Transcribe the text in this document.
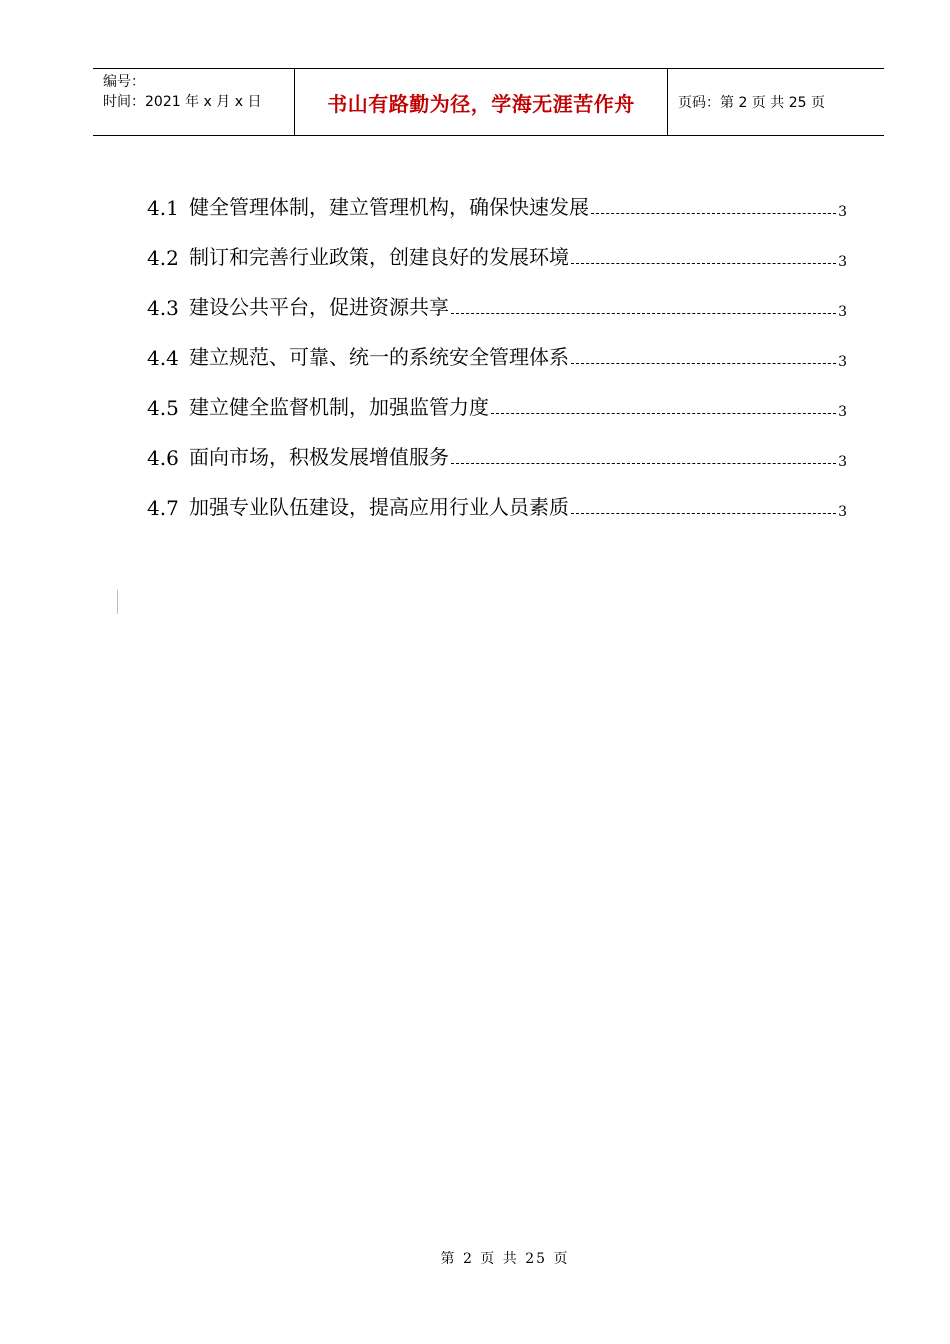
编号：
时间：2021 年 x 月 x 日	书山有路勤为径，学海无涯苦作舟	页码：第 2 页 共 25 页
4.1 健全管理体制，建立管理机构，确保快速发展	3
4.2 制订和完善行业政策，创建良好的发展环境	3
4.3 建设公共平台，促进资源共享	3
4.4 建立规范、可靠、统一的系统安全管理体系	3
4.5 建立健全监督机制，加强监管力度	3
4.6 面向市场，积极发展增值服务	3
4.7 加强专业队伍建设，提高应用行业人员素质	3
第 2 页 共 25 页
